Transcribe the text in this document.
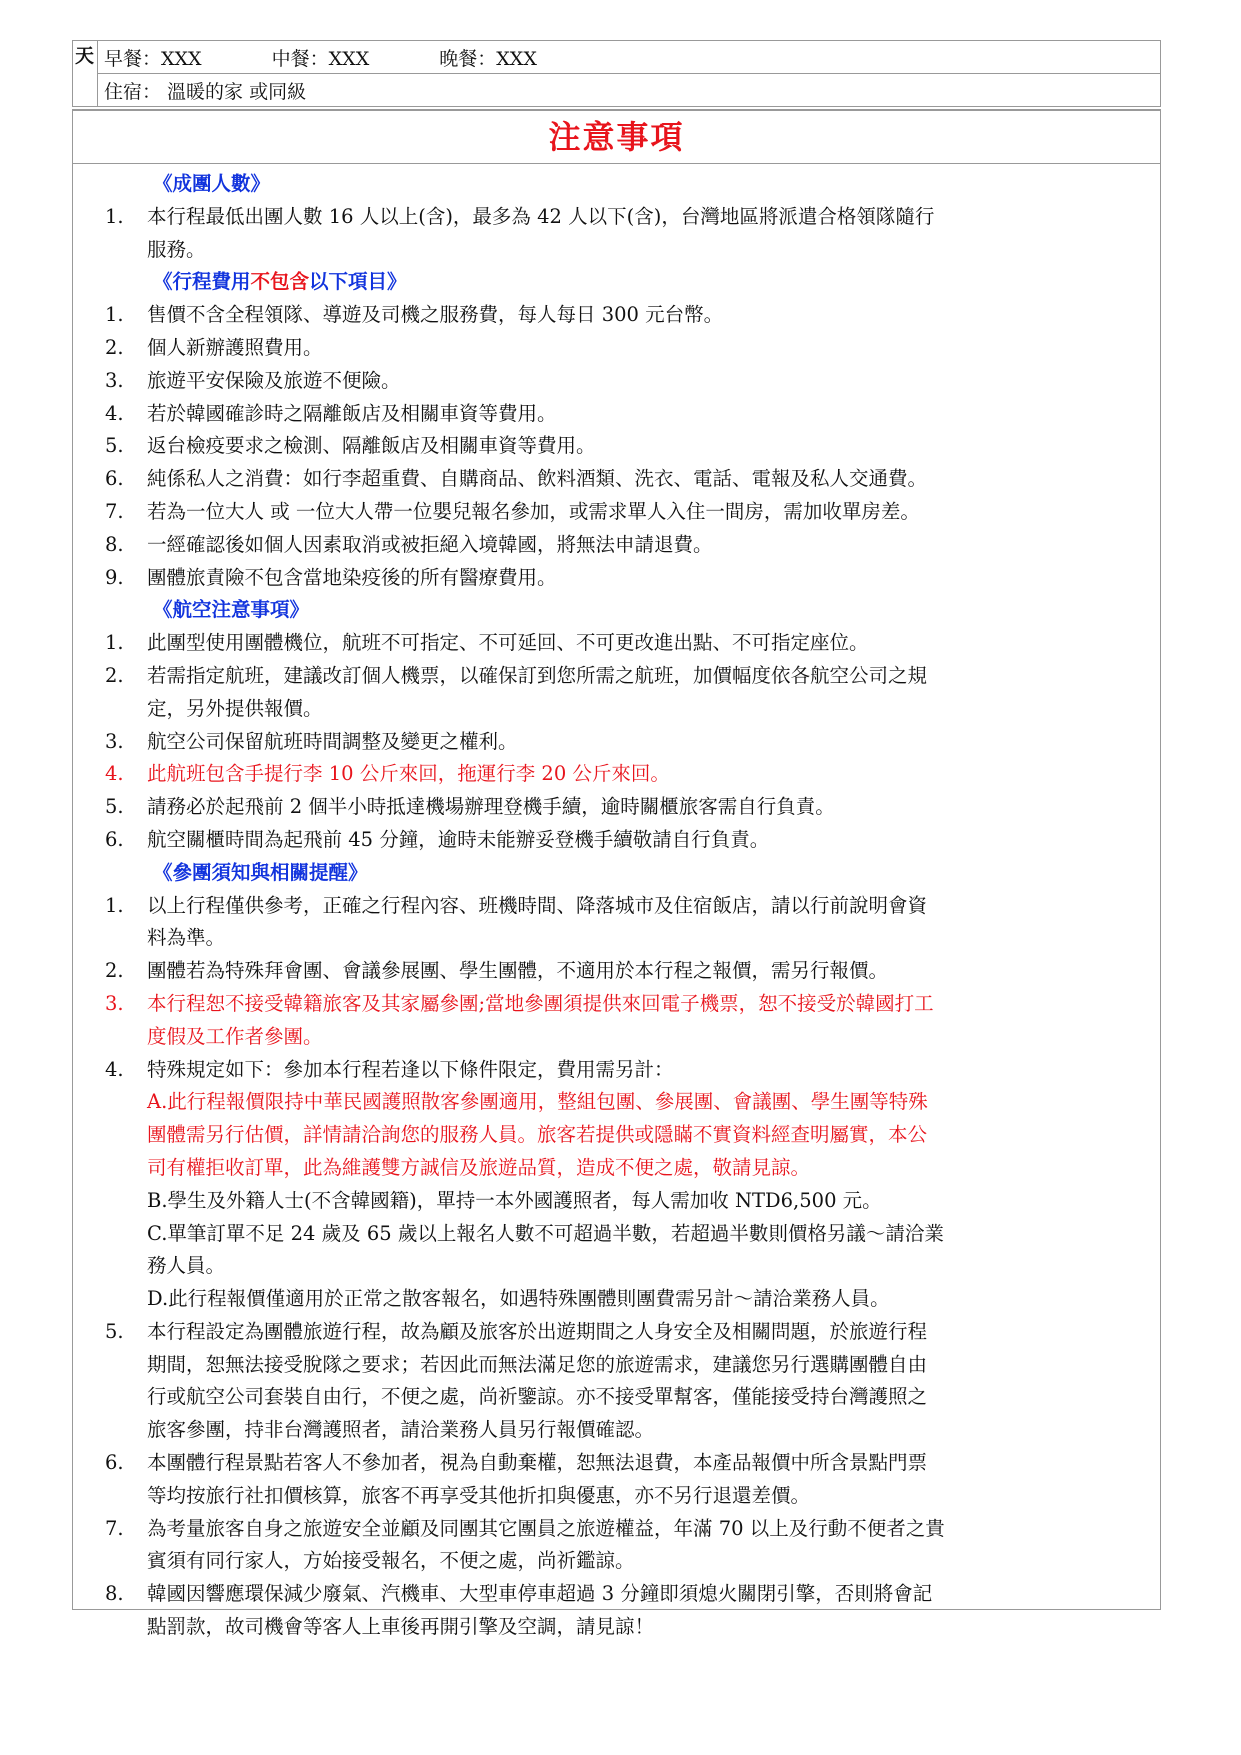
天	早餐：XXX	中餐：XXX	晚餐：XXX
住宿： 溫暖的家 或同級
注意事項
《成團人數》
1.	本行程最低出團人數 16 人以上(含)，最多為 42 人以下(含)，台灣地區將派遣合格領隊隨行
服務。
《行程費用不包含以下項目》
1.	售價不含全程領隊、導遊及司機之服務費，每人每日 300 元台幣。
2.	個人新辦護照費用。
3.	旅遊平安保險及旅遊不便險。
4.	若於韓國確診時之隔離飯店及相關車資等費用。
5.	返台檢疫要求之檢測、隔離飯店及相關車資等費用。
6.	純係私人之消費：如行李超重費、自購商品、飲料酒類、洗衣、電話、電報及私人交通費。
7.	若為一位大人 或 一位大人帶一位嬰兒報名參加，或需求單人入住一間房，需加收單房差。
8.	一經確認後如個人因素取消或被拒絕入境韓國，將無法申請退費。
9.	團體旅責險不包含當地染疫後的所有醫療費用。
《航空注意事項》
1.	此團型使用團體機位，航班不可指定、不可延回、不可更改進出點、不可指定座位。
2.	若需指定航班，建議改訂個人機票，以確保訂到您所需之航班，加價幅度依各航空公司之規
定，另外提供報價。
3.	航空公司保留航班時間調整及變更之權利。
4.	此航班包含手提行李 10 公斤來回，拖運行李 20 公斤來回。
5.	請務必於起飛前 2 個半小時抵達機場辦理登機手續，逾時關櫃旅客需自行負責。
6.	航空關櫃時間為起飛前 45 分鐘，逾時未能辦妥登機手續敬請自行負責。
《參團須知與相關提醒》
1.	以上行程僅供參考，正確之行程內容、班機時間、降落城市及住宿飯店，請以行前說明會資
料為準。
2.	團體若為特殊拜會團、會議參展團、學生團體，不適用於本行程之報價，需另行報價。
3.	本行程恕不接受韓籍旅客及其家屬參團;當地參團須提供來回電子機票，恕不接受於韓國打工
度假及工作者參團。
4.	特殊規定如下：參加本行程若逢以下條件限定，費用需另計：
A.此行程報價限持中華民國護照散客參團適用，整組包團、參展團、會議團、學生團等特殊
團體需另行估價，詳情請洽詢您的服務人員。旅客若提供或隱瞞不實資料經查明屬實，本公
司有權拒收訂單，此為維護雙方誠信及旅遊品質，造成不便之處，敬請見諒。
B.學生及外籍人士(不含韓國籍)，單持一本外國護照者，每人需加收 NTD6,500 元。
C.單筆訂單不足 24 歲及 65 歲以上報名人數不可超過半數，若超過半數則價格另議～請洽業
務人員。
D.此行程報價僅適用於正常之散客報名，如遇特殊團體則團費需另計～請洽業務人員。
5.	本行程設定為團體旅遊行程，故為顧及旅客於出遊期間之人身安全及相關問題，於旅遊行程
期間，恕無法接受脫隊之要求；若因此而無法滿足您的旅遊需求，建議您另行選購團體自由
行或航空公司套裝自由行，不便之處，尚祈鑒諒。亦不接受單幫客，僅能接受持台灣護照之
旅客參團，持非台灣護照者，請洽業務人員另行報價確認。
6.	本團體行程景點若客人不參加者，視為自動棄權，恕無法退費，本產品報價中所含景點門票
等均按旅行社扣價核算，旅客不再享受其他折扣與優惠，亦不另行退還差價。
7.	為考量旅客自身之旅遊安全並顧及同團其它團員之旅遊權益，年滿 70 以上及行動不便者之貴
賓須有同行家人，方始接受報名，不便之處，尚祈鑑諒。
8.	韓國因響應環保減少廢氣、汽機車、大型車停車超過 3 分鐘即須熄火關閉引擎，否則將會記
點罰款，故司機會等客人上車後再開引擎及空調，請見諒！
